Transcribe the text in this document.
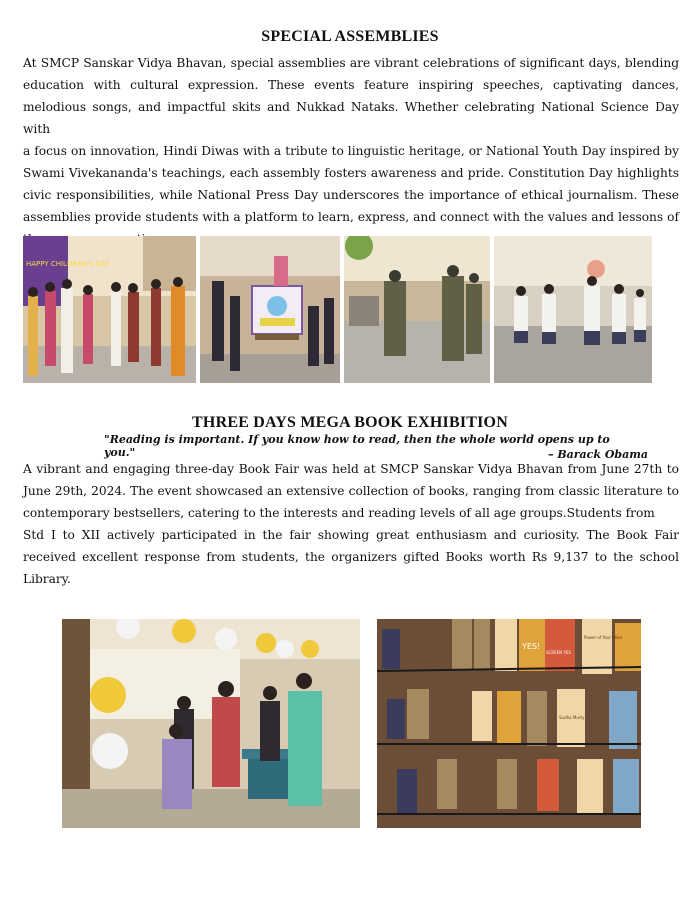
SPECIAL ASSEMBLIES
At SMCP Sanskar Vidya Bhavan, special assemblies are vibrant celebrations of significant days, blending
education with cultural expression. These events feature inspiring speeches, captivating dances,
melodious songs, and impactful skits and Nukkad Nataks. Whether celebrating National Science Day with
a focus on innovation, Hindi Diwas with a tribute to linguistic heritage, or National Youth Day inspired by
Swami Vivekananda's teachings, each assembly fosters awareness and pride. Constitution Day highlights
civic responsibilities, while National Press Day underscores the importance of ethical journalism. These
assemblies provide students with a platform to learn, express, and connect with the values and lessons of
HAPPY CHILDREN'S DAY
THREE DAYS MEGA BOOK EXHIBITION
"Reading is important. If you know how to read, then the whole world opens up to you."	– Barack Obama
A vibrant and engaging three-day Book Fair was held at SMCP Sanskar Vidya Bhavan from June 27th to
June 29th, 2024. The event showcased an extensive collection of books, ranging from classic literature to
contemporary bestsellers, catering to the interests and reading levels of all age groups.Students from
Std I to XII actively participated in the fair showing great enthusiasm and curiosity. The Book Fair
received excellent response from students, the organizers gifted Books worth Rs 9,137 to the school
Library.
YES!
Power of Your Mind
SCREEN YES
Sudha Murty
